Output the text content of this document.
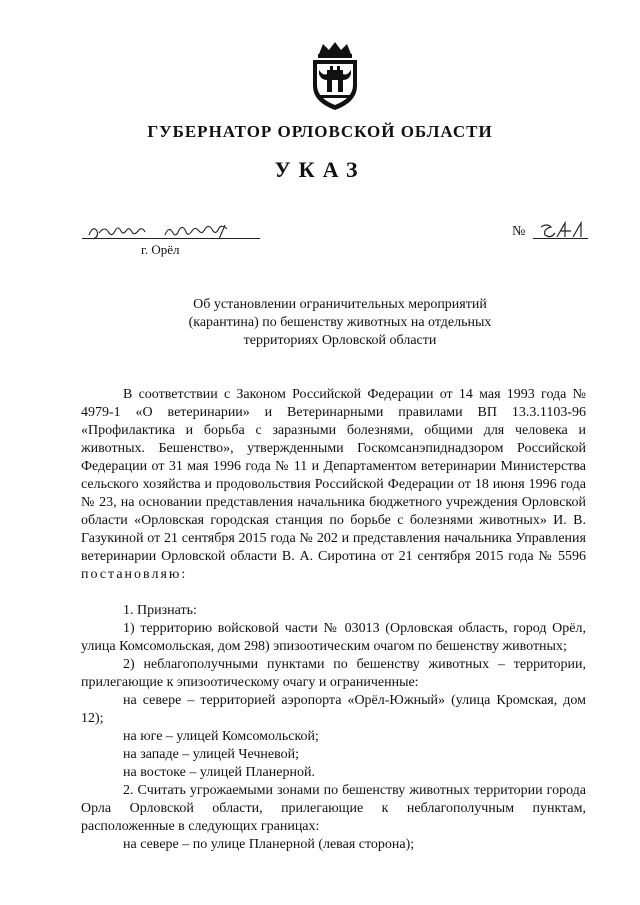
ГУБЕРНАТОР ОРЛОВСКОЙ ОБЛАСТИ
УКАЗ
г. Орёл
№
Об установлении ограничительных мероприятий
(карантина) по бешенству животных на отдельных
территориях Орловской области

В соответствии с Законом Российской Федерации от 14 мая 1993 года № 4979-1 «О ветеринарии» и Ветеринарными правилами ВП 13.3.1103-96 «Профилактика и борьба с заразными болезнями, общими для человека и животных. Бешенство», утвержденными Госкомсанэпиднадзором Российской Федерации от 31 мая 1996 года № 11 и Департаментом ветеринарии Министерства сельского хозяйства и продовольствия Российской Федерации от 18 июня 1996 года № 23, на основании представления начальника бюджетного учреждения Орловской области «Орловская городская станция по борьбе с болезнями животных» И. В. Газукиной от 21 сентября 2015 года № 202 и представления начальника Управления ветеринарии Орловской области В. А. Сиротина от 21 сентября 2015 года № 5596 постановляю:

1. Признать:

1) территорию войсковой части № 03013 (Орловская область, город Орёл, улица Комсомольская, дом 298) эпизоотическим очагом по бешенству животных;

2) неблагополучными пунктами по бешенству животных – территории, прилегающие к эпизоотическому очагу и ограниченные:

на севере – территорией аэропорта «Орёл-Южный» (улица Кромская, дом 12);

на юге – улицей Комсомольской;

на западе – улицей Чечневой;

на востоке – улицей Планерной.

2. Считать угрожаемыми зонами по бешенству животных территории города Орла Орловской области, прилегающие к неблагополучным пунктам, расположенные в следующих границах:

на севере – по улице Планерной (левая сторона);
